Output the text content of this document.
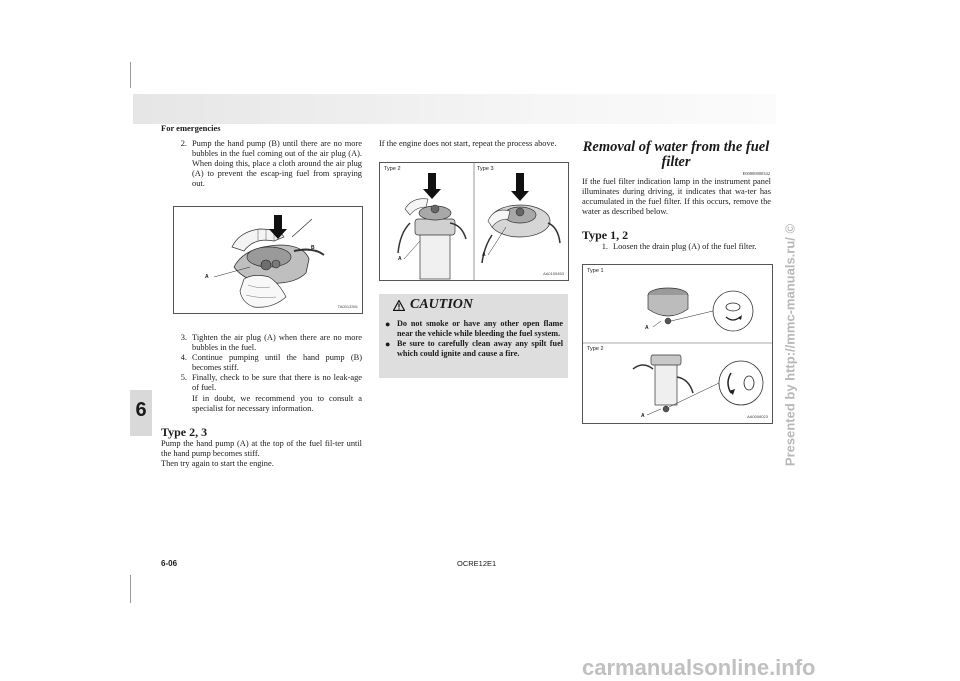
For emergencies
6
2. Pump the hand pump (B) until there are no more bubbles in the fuel coming out of the air plug (A). When doing this, place a cloth around the air plug (A) to prevent the escap-ing fuel from spraying out.
A
B
TA0013391
3. Tighten the air plug (A) when there are no more bubbles in the fuel.
4. Continue pumping until the hand pump (B) becomes stiff.
5. Finally, check to be sure that there is no leak-age of fuel.
If in doubt, we recommend you to consult a specialist for necessary information.
Type 2, 3
Pump the hand pump (A) at the top of the fuel fil-ter until the hand pump becomes stiff.
Then try again to start the engine.
If the engine does not start, repeat the process above.
Type 2	Type 3
A
A
AA0105453
CAUTION
● Do not smoke or have any other open flame near the vehicle while bleeding the fuel system.
● Be sure to carefully clean away any spilt fuel which could ignite and cause a fire.
Removal of water from the fuel filter
E00800800342
If the fuel filter indication lamp in the instrument panel illuminates during driving, it indicates that wa-ter has accumulated in the fuel filter. If this occurs, remove the water as described below.
Type 1, 2
1. Loosen the drain plug (A) of the fuel filter.
Type 1
Type 2
A
A	AA0008023
6-06	OCRE12E1
Presented by http://mmc-manuals.ru/ ©
carmanualsonline.info
